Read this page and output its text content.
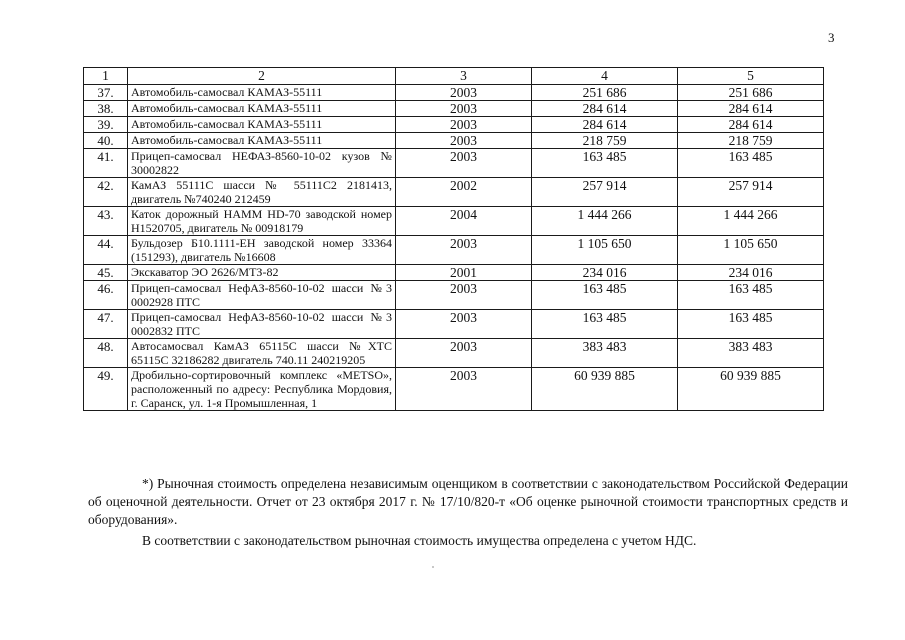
3
1	2	3	4	5
37.	Автомобиль-самосвал КАМАЗ-55111	2003	251 686	251 686
38.	Автомобиль-самосвал КАМАЗ-55111	2003	284 614	284 614
39.	Автомобиль-самосвал КАМАЗ-55111	2003	284 614	284 614
40.	Автомобиль-самосвал КАМАЗ-55111	2003	218 759	218 759
41.	Прицеп-самосвал НЕФАЗ-8560-10-02 кузов № 30002822	2003	163 485	163 485
42.	КамАЗ 55111С шасси № 55111С2 2181413, двигатель №740240 212459	2002	257 914	257 914
43.	Каток дорожный HAMM HD-70 заводской номер H1520705, двигатель № 00918179	2004	1 444 266	1 444 266
44.	Бульдозер Б10.1111-ЕН заводской номер 33364 (151293), двигатель №16608	2003	1 105 650	1 105 650
45.	Экскаватор ЭО 2626/МТЗ-82	2001	234 016	234 016
46.	Прицеп-самосвал НефАЗ-8560-10-02 шасси №3 0002928 ПТС	2003	163 485	163 485
47.	Прицеп-самосвал НефАЗ-8560-10-02 шасси №3 0002832 ПТС	2003	163 485	163 485
48.	Автосамосвал КамАЗ 65115С шасси №ХТС 65115С 32186282 двигатель 740.11 240219205	2003	383 483	383 483
49.	Дробильно-сортировочный комплекс «METSO», расположенный по адресу: Республика Мордовия, г. Саранск, ул. 1-я Промышленная, 1	2003	60 939 885	60 939 885

*) Рыночная стоимость определена независимым оценщиком в соответствии с законодательством Российской Федерации об оценочной деятельности. Отчет от 23 октября 2017 г. № 17/10/820-т «Об оценке рыночной стоимости транспортных средств и оборудования».

В соответствии с законодательством рыночная стоимость имущества определена с учетом НДС.
